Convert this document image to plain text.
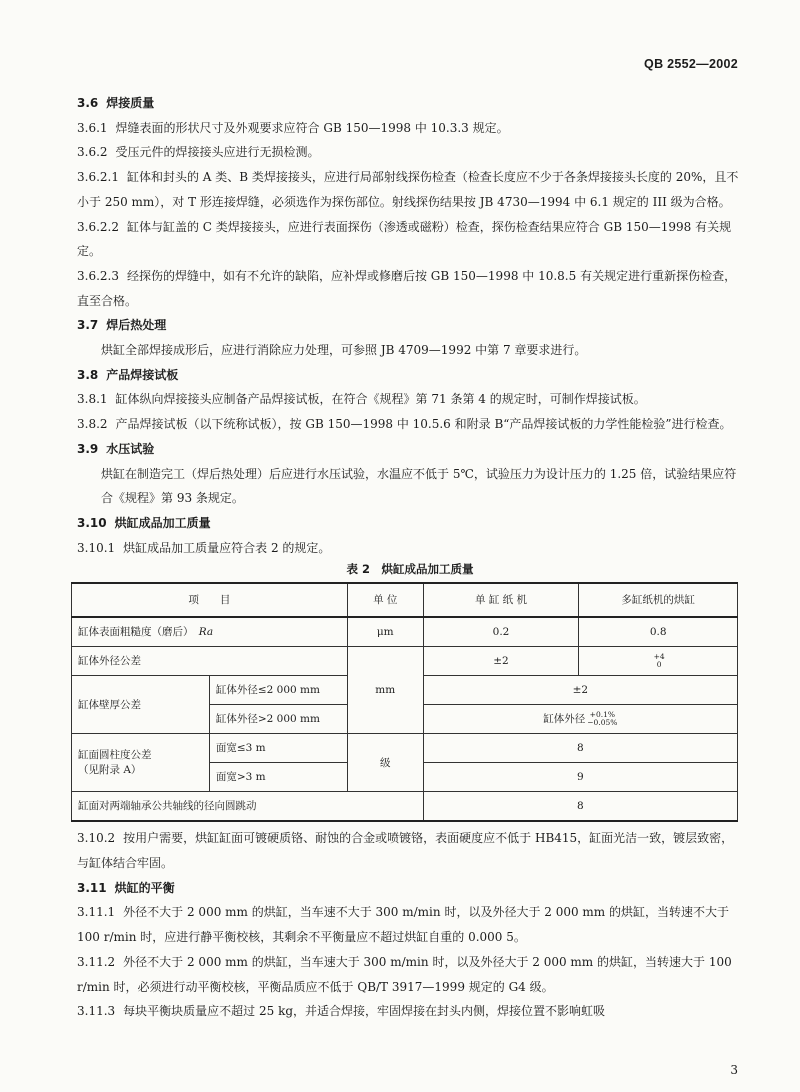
QB 2552—2002
3.6 焊接质量
3.6.1 焊缝表面的形状尺寸及外观要求应符合 GB 150—1998 中 10.3.3 规定。
3.6.2 受压元件的焊接接头应进行无损检测。
3.6.2.1 缸体和封头的 A 类、B 类焊接接头，应进行局部射线探伤检查（检查长度应不少于各条焊接接头长度的 20%，且不小于 250 mm），对 T 形连接焊缝，必须选作为探伤部位。射线探伤结果按 JB 4730—1994 中 6.1 规定的 III 级为合格。
3.6.2.2 缸体与缸盖的 C 类焊接接头，应进行表面探伤（渗透或磁粉）检查，探伤检查结果应符合 GB 150—1998 有关规定。
3.6.2.3 经探伤的焊缝中，如有不允许的缺陷，应补焊或修磨后按 GB 150—1998 中 10.8.5 有关规定进行重新探伤检查，直至合格。
3.7 焊后热处理
烘缸全部焊接成形后，应进行消除应力处理，可参照 JB 4709—1992 中第 7 章要求进行。
3.8 产品焊接试板
3.8.1 缸体纵向焊接接头应制备产品焊接试板，在符合《规程》第 71 条第 4 的规定时，可制作焊接试板。
3.8.2 产品焊接试板（以下统称试板），按 GB 150—1998 中 10.5.6 和附录 B“产品焊接试板的力学性能检验”进行检查。
3.9 水压试验
烘缸在制造完工（焊后热处理）后应进行水压试验，水温应不低于 5℃，试验压力为设计压力的 1.25 倍，试验结果应符合《规程》第 93 条规定。
3.10 烘缸成品加工质量
3.10.1 烘缸成品加工质量应符合表 2 的规定。
表 2　烘缸成品加工质量
项　　目		单 位	单 缸 纸 机	多缸纸机的烘缸
缸体表面粗糙度（磨后）　 Ra		μm	0.2	0.8
缸体外径公差		mm	±2	+4
0

缸体壁厚公差	缸体外径≤2 000 mm		±2	
	缸体外径>2 000 mm		缸体外径 +0.1%
−0.05%	

缸面圆柱度公差
（见附录 A）	面宽≤3 m	级	8	
	面宽>3 m		9	
缸面对两端轴承公共轴线的径向圆跳动			8	
3.10.2 按用户需要，烘缸缸面可镀硬质铬、耐蚀的合金或喷镀铬，表面硬度应不低于 HB415，缸面光洁一致，镀层致密，与缸体结合牢固。
3.11 烘缸的平衡
3.11.1 外径不大于 2 000 mm 的烘缸，当车速不大于 300 m/min 时，以及外径大于 2 000 mm 的烘缸，当转速不大于 100 r/min 时，应进行静平衡校核，其剩余不平衡量应不超过烘缸自重的 0.000 5。
3.11.2 外径不大于 2 000 mm 的烘缸，当车速大于 300 m/min 时，以及外径大于 2 000 mm 的烘缸，当转速大于 100 r/min 时，必须进行动平衡校核，平衡品质应不低于 QB/T 3917—1999 规定的 G4 级。
3.11.3 每块平衡块质量应不超过 25 kg，并适合焊接，牢固焊接在封头内侧，焊接位置不影响虹吸
3
